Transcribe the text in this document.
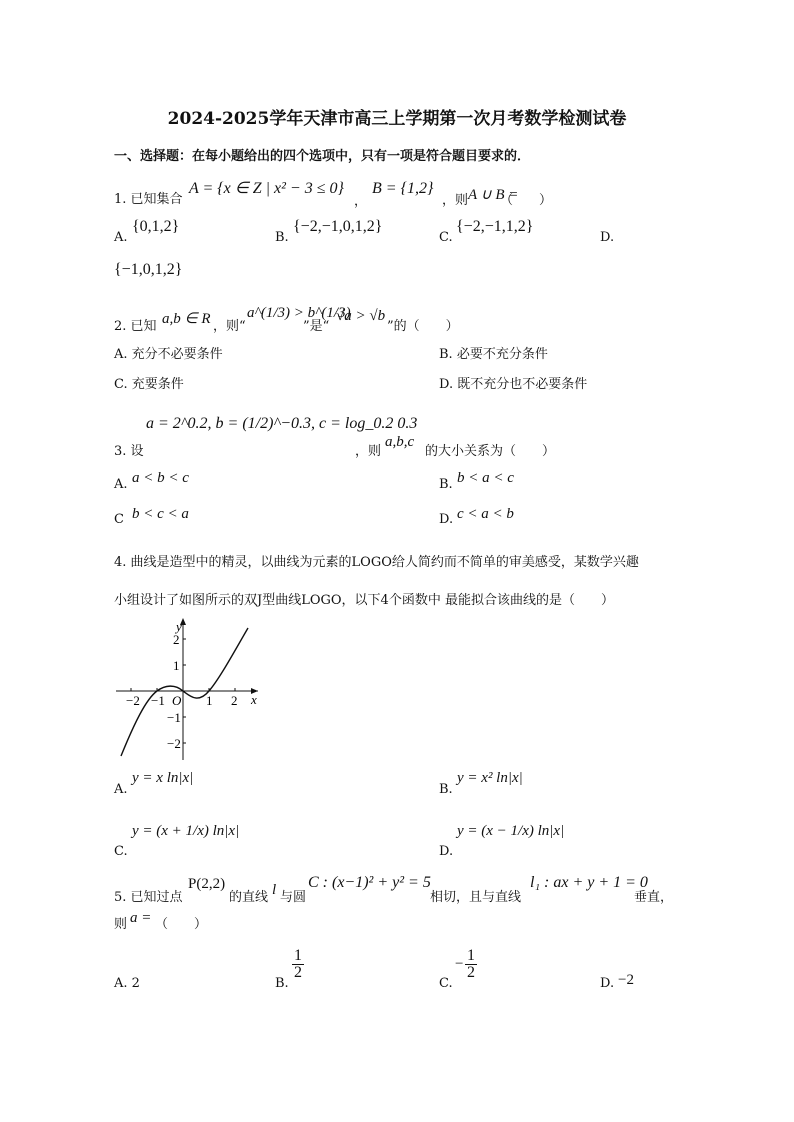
2024-2025学年天津市高三上学期第一次月考数学检测试卷
一、选择题：在每小题给出的四个选项中，只有一项是符合题目要求的．
1. 已知集合
A = {x ∈ Z | x² − 3 ≤ 0}
，
B = {1,2}
，则 A ∪ B =
（　　）
A.
{0,1,2}
B.
{−2,−1,0,1,2}
C.
{−2,−1,1,2}
D.
{−1,0,1,2}
2. 已知 a,b ∈ R ，则“
a^(1/3) > b^(1/3)
”是“
√a > √b
”的（　　）
A. 充分不必要条件	B. 必要不充分条件
C. 充要条件	D. 既不充分也不必要条件
3. 设
a = 2^0.2, b = (1/2)^−0.3, c = log_0.2 0.3
，则
a,b,c
的大小关系为（　　）
A. a < b < c	B. b < a < c
C b < c < a	D. c < a < b
4. 曲线是造型中的精灵，以曲线为元素的LOGO给人简约而不简单的审美感受，某数学兴趣
小组设计了如图所示的双J型曲线LOGO，以下4个函数中 最能拟合该曲线的是（　　）
y
x
O
2
1
−1
−2
−2 −1	1 2
A.
y = x ln|x|
B.
y = x² ln|x|
C.
y = (x + 1/x) ln|x|
D.
y = (x − 1/x) ln|x|
5. 已知过点
P(2,2)
的直线 l 与圆
C : (x−1)² + y² = 5
相切，且与直线
l₁ : ax + y + 1 = 0
垂直，
则 a = （　　）
A. 2	B.
$\frac{1}{2}$
C.
− $\frac{1}{2}$
D. −2
